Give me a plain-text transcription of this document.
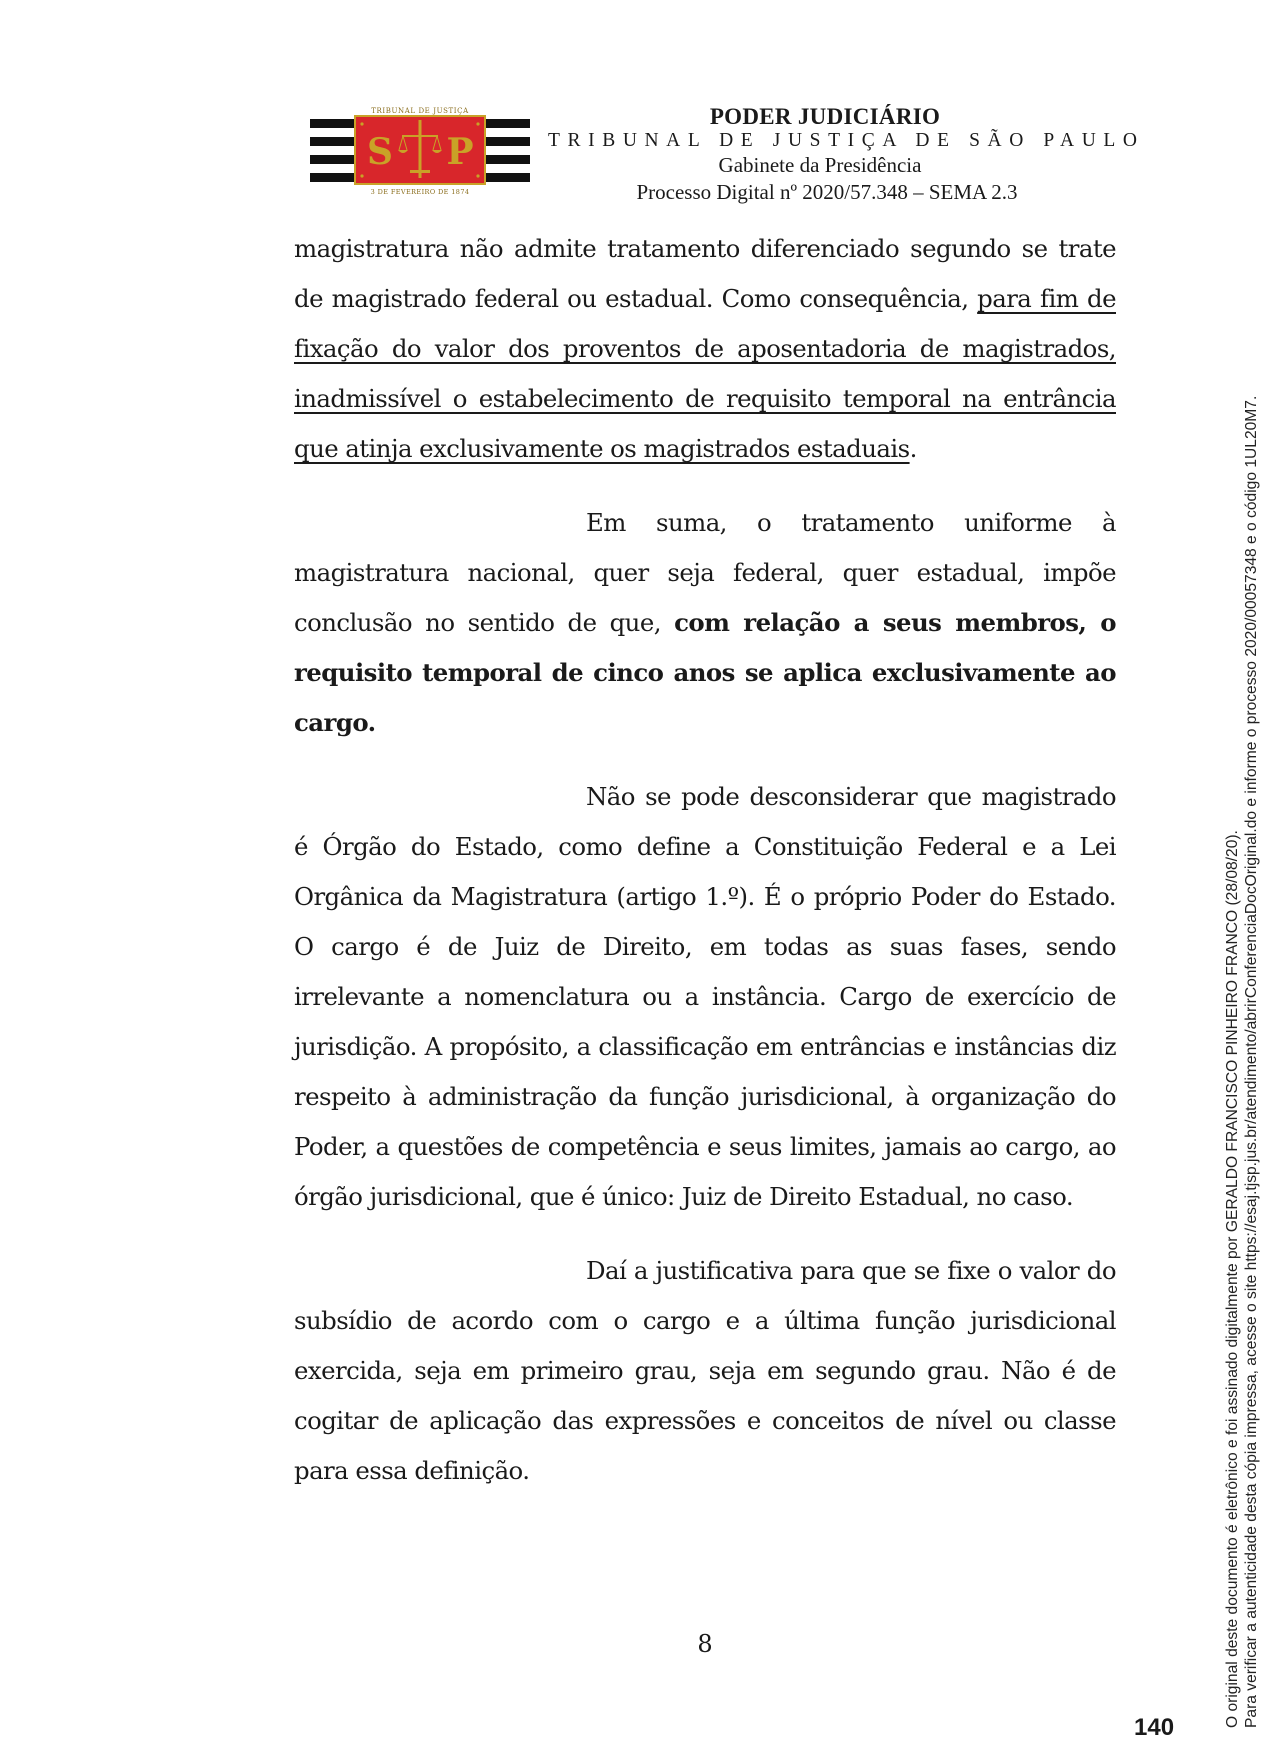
TRIBUNAL DE JUSTIÇA
S P
3 DE FEVEREIRO DE 1874
PODER JUDICIÁRIO
TRIBUNAL DE JUSTIÇA DE SÃO PAULO
Gabinete da Presidência
Processo Digital nº 2020/57.348 – SEMA 2.3

magistratura não admite tratamento diferenciado segundo se trate de magistrado federal ou estadual. Como consequência, para fim de fixação do valor dos proventos de aposentadoria de magistrados, inadmissível o estabelecimento de requisito temporal na entrância que atinja exclusivamente os magistrados estaduais.

Em suma, o tratamento uniforme à magistratura nacional, quer seja federal, quer estadual, impõe conclusão no sentido de que, com relação a seus membros, o requisito temporal de cinco anos se aplica exclusivamente ao cargo.

Não se pode desconsiderar que magistrado é Órgão do Estado, como define a Constituição Federal e a Lei Orgânica da Magistratura (artigo 1.º). É o próprio Poder do Estado. O cargo é de Juiz de Direito, em todas as suas fases, sendo irrelevante a nomenclatura ou a instância. Cargo de exercício de jurisdição. A propósito, a classificação em entrâncias e instâncias diz respeito à administração da função jurisdicional, à organização do Poder, a questões de competência e seus limites, jamais ao cargo, ao órgão jurisdicional, que é único: Juiz de Direito Estadual, no caso.

Daí a justificativa para que se fixe o valor do subsídio de acordo com o cargo e a última função jurisdicional exercida, seja em primeiro grau, seja em segundo grau. Não é de cogitar de aplicação das expressões e conceitos de nível ou classe para essa definição.

8
140	O original deste documento é eletrônico e foi assinado digitalmente por GERALDO FRANCISCO PINHEIRO FRANCO (28/08/20). Para verificar a autenticidade desta cópia impressa, acesse o site https://esaj.tjsp.jus.br/atendimento/abrirConferenciaDocOriginal.do e informe o processo 2020/00057348 e o código 1UL20M7.
